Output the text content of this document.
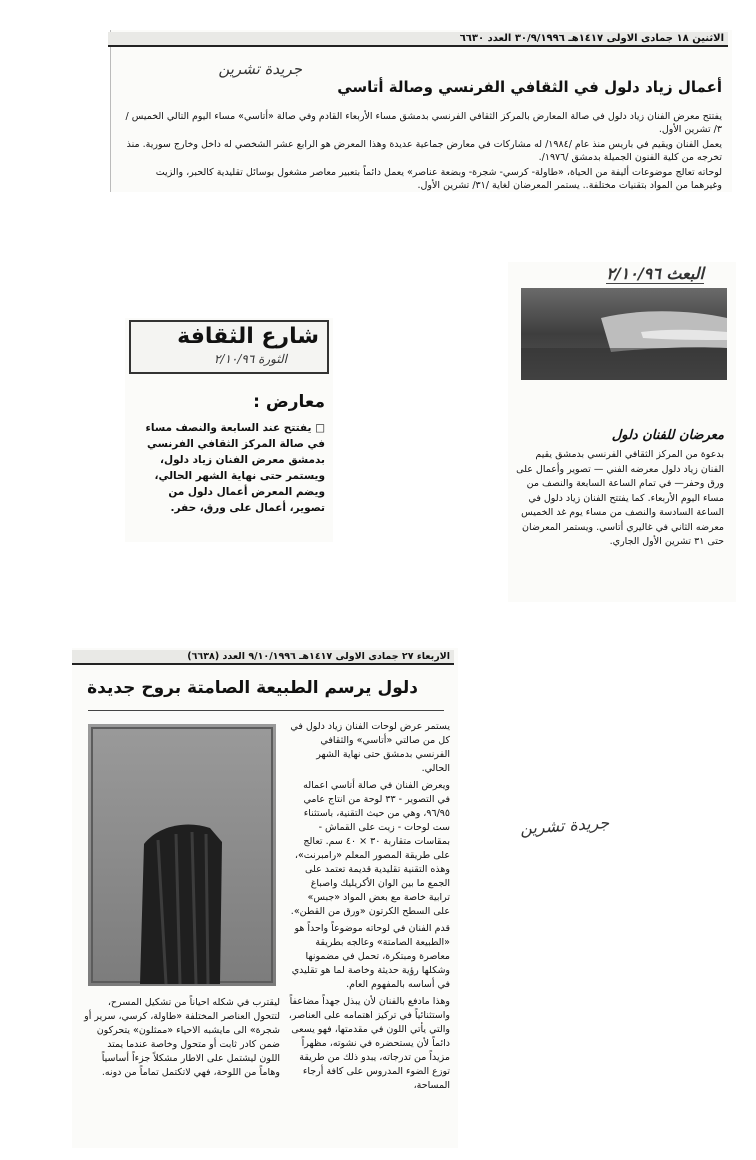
الاثنين ١٨ جمادى الاولى ١٤١٧هـ ٣٠/٩/١٩٩٦ العدد ٦٦٣٠
جريدة تشرين
أعمال زياد دلول في الثقافي الفرنسي وصالة أتاسي

يفتتح معرض الفنان زياد دلول في صالة المعارض بالمركز الثقافي الفرنسي بدمشق مساء الأربعاء القادم وفي صالة «أتاسي» مساء اليوم التالي الخميس /٣/ تشرين الأول.

يعمل الفنان ويقيم في باريس منذ عام /١٩٨٤/ له مشاركات في معارض جماعية عديدة وهذا المعرض هو الرابع عشر الشخصي له داخل وخارج سورية. منذ تخرجه من كلية الفنون الجميلة بدمشق /١٩٧٦/.

لوحاته تعالج موضوعات أليفة من الحياة، «طاولة- كرسي- شجرة- وبضعة عناصر» يعمل دائماً بتعبير معاصر مشغول بوسائل تقليدية كالحبر، والزيت وغيرهما من المواد بتقنيات مختلفة.. يستمر المعرضان لغاية /٣١/ تشرين الأول.

شارع الثقافة
الثورة ٢/١٠/٩٦
معارض :
□ يفتتح عند السابعة والنصف مساء في صالة المركز الثقافي الفرنسي بدمشق معرض الفنان زياد دلول، ويستمر حتى نهاية الشهر الحالي، ويضم المعرض أعمال دلول من تصوير، أعمال على ورق، حفر.
البعث ٢/١٠/٩٦
معرضان للفنان دلول
بدعوة من المركز الثقافي الفرنسي بدمشق يقيم الفنان زياد دلول معرضه الفني — تصوير وأعمال على ورق وحفر— في تمام الساعة السابعة والنصف من مساء اليوم الأربعاء. كما يفتتح الفنان زياد دلول في الساعة السادسة والنصف من مساء يوم غد الخميس معرضه الثاني في غاليري أتاسي. ويستمر المعرضان حتى ٣١ تشرين الأول الجاري.
الاربعاء ٢٧ جمادى الاولى ١٤١٧هـ ٩/١٠/١٩٩٦ العدد (٦٦٣٨)
دلول يرسم الطبيعة الصامتة بروح جديدة

يستمر عرض لوحات الفنان زياد دلول في كل من صالتي «أتاسي» والثقافي الفرنسي بدمشق حتى نهاية الشهر الحالي.

ويعرض الفنان في صالة أتاسي اعماله في التصوير - ٣٣ لوحة من انتاج عامي ٩٦/٩٥، وهي من حيث التقنية، باستثناء ست لوحات - زيت على القماش - بمقاسات متقاربة ٣٠ × ٤٠ سم. تعالج على طريقة المصور المعلم «رامبرنت»، وهذه التقنية تقليدية قديمة تعتمد على الجمع ما بين الوان الأكريليك واصباغ ترابية خاصة مع بعض المواد «جبس» على السطح الكرتون «ورق من القطن».

قدم الفنان في لوحاته موضوعاً واحداً هو «الطبيعة الصامتة» وعالجه بطريقة معاصرة ومبتكرة، تحمل في مضمونها وشكلها رؤية حديثة وخاصة لما هو تقليدي في أساسه بالمفهوم العام.

وهذا مادفع بالفنان لأن يبذل جهداً مضاعفاً واستثنائياً في تركيز اهتمامه على العناصر، والتي يأتي اللون في مقدمتها، فهو يسعى دائماً لأن يستحضره في نشوته، مظهراً مزيداً من تدرجاته، يبدو ذلك من طريقة توزع الضوء المدروس على كافة أرجاء المساحة،

ليقترب في شكله احياناً من تشكيل المسرح، لتتحول العناصر المختلفة «طاولة، كرسي، سرير أو شجرة» الى مايشبه الاحياء «ممثلون» يتحركون ضمن كادر ثابت أو متحول وخاصة عندما يمتد اللون ليشتمل على الاطار مشكلاً جزءاً أساسياً وهاماً من اللوحة، فهي لاتكتمل تماماً من دونه.
جريدة تشرين
